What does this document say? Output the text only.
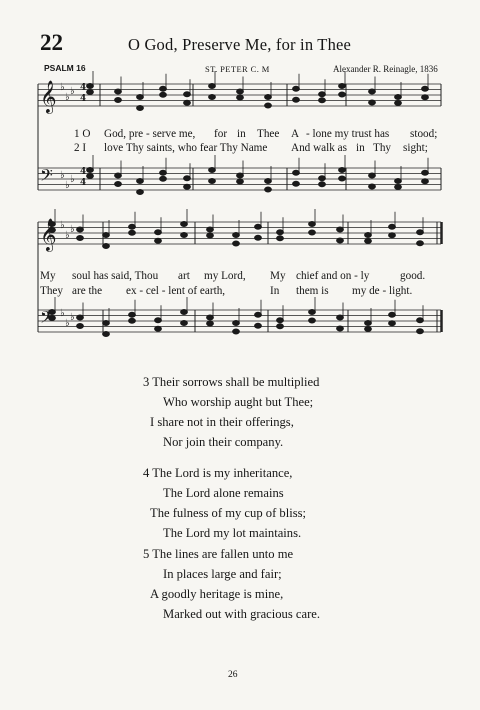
22	O God, Preserve Me, for in Thee
PSALM 16	ST. PETER C. M	Alexander R. Reinagle, 1836
𝄞
𝄞
𝄢
𝄢
♭
♭
♭
♭
♭
♭
♭
♭
♭
♭
♭
♭
4
4
4
4
1 O God, pre - serve me, for in Thee A - lone my trust has stood;
2 I love Thy saints, who fear Thy Name And walk as in Thy sight;
My soul has said, Thou art my Lord, My chief and on - ly	good.
They are the ex - cel - lent of earth,	In them is my de - light.
3 Their sorrows shall be multiplied
Who worship aught but Thee;
I share not in their offerings,
Nor join their company.
4 The Lord is my inheritance,
The Lord alone remains
The fulness of my cup of bliss;
The Lord my lot maintains.
5 The lines are fallen unto me
In places large and fair;
A goodly heritage is mine,
Marked out with gracious care.
26
